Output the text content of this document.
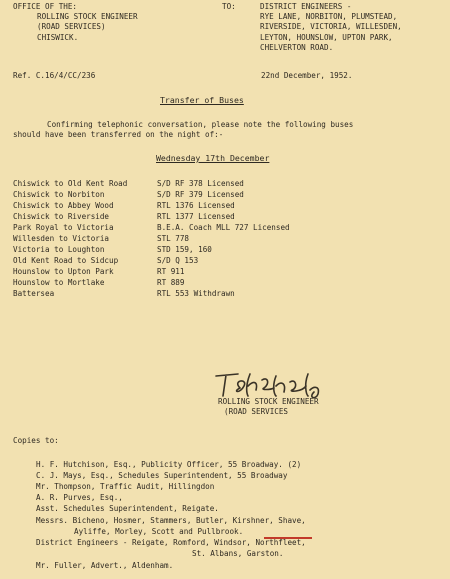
OFFICE OF THE:
ROLLING STOCK ENGINEER
(ROAD SERVICES)
CHISWICK.
TO:	DISTRICT ENGINEERS -
RYE LANE, NORBITON, PLUMSTEAD,
RIVERSIDE, VICTORIA, WILLESDEN,
LEYTON, HOUNSLOW, UPTON PARK,
CHELVERTON ROAD.
Ref. C.16/4/CC/236	22nd December, 1952.
Transfer of Buses
Confirming telephonic conversation, please note the following buses
should have been transferred on the night of:-
Wednesday 17th December
Chiswick to Old Kent Road	S/D RF 378 Licensed
Chiswick to Norbiton	S/D RF 379 Licensed
Chiswick to Abbey Wood	RTL 1376 Licensed
Chiswick to Riverside	RTL 1377 Licensed
Park Royal to Victoria	B.E.A. Coach MLL 727 Licensed
Willesden to Victoria	STL 778
Victoria to Loughton	STD 159, 160
Old Kent Road to Sidcup	S/D Q 153
Hounslow to Upton Park	RT 911
Hounslow to Mortlake	RT 889
Battersea	RTL 553 Withdrawn
ROLLING STOCK ENGINEER
(ROAD SERVICES
Copies to:
H. F. Hutchison, Esq., Publicity Officer, 55 Broadway. (2)
C. J. Mays, Esq., Schedules Superintendent, 55 Broadway
Mr. Thompson, Traffic Audit, Hillingdon
A. R. Purves, Esq.,
Asst. Schedules Superintendent, Reigate.
Messrs. Bicheno, Hosmer, Stammers, Butler, Kirshner, Shave,
Ayliffe, Morley, Scott and Pullbrook.
District Engineers - Reigate, Romford, Windsor, Northfleet,
St. Albans, Garston.
Mr. Fuller, Advert., Aldenham.
